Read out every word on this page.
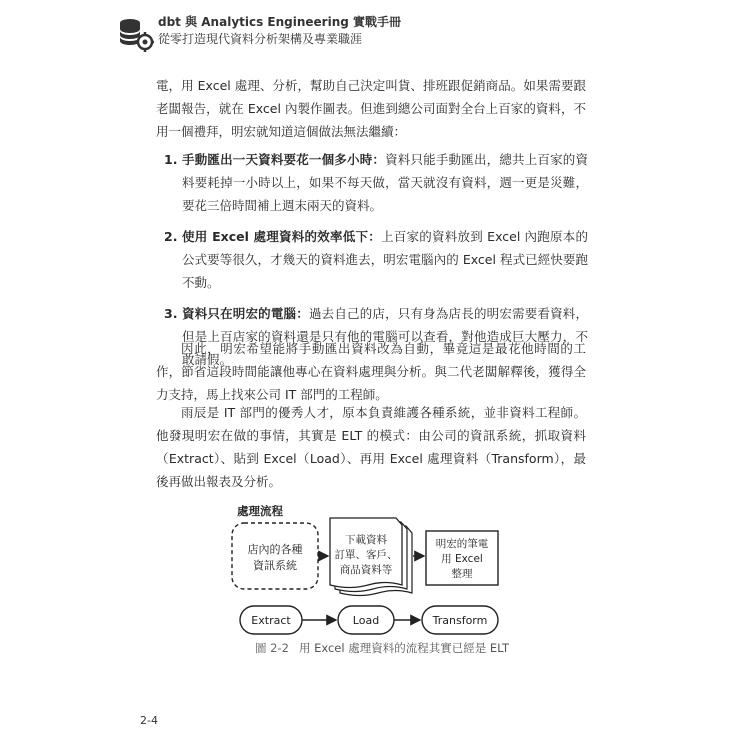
dbt 與 Analytics Engineering 實戰手冊
從零打造現代資料分析架構及專業職涯

電，用 Excel 處理、分析，幫助自己決定叫貨、排班跟促銷商品。如果需要跟老闆報告，就在 Excel 內製作圖表。但進到總公司面對全台上百家的資料，不用一個禮拜，明宏就知道這個做法無法繼續：

1. 手動匯出一天資料要花一個多小時：資料只能手動匯出，總共上百家的資料要耗掉一小時以上，如果不每天做，當天就沒有資料，週一更是災難，要花三倍時間補上週末兩天的資料。
2. 使用 Excel 處理資料的效率低下：上百家的資料放到 Excel 內跑原本的公式要等很久，才幾天的資料進去，明宏電腦內的 Excel 程式已經快要跑不動。
3. 資料只在明宏的電腦：過去自己的店，只有身為店長的明宏需要看資料，但是上百店家的資料還是只有他的電腦可以查看，對他造成巨大壓力，不敢請假。

因此，明宏希望能將手動匯出資料改為自動，畢竟這是最花他時間的工作，節省這段時間能讓他專心在資料處理與分析。與二代老闆解釋後，獲得全力支持，馬上找來公司 IT 部門的工程師。

雨辰是 IT 部門的優秀人才，原本負責維護各種系統，並非資料工程師。他發現明宏在做的事情，其實是 ELT 的模式：由公司的資訊系統，抓取資料（Extract）、貼到 Excel（Load）、再用 Excel 處理資料（Transform），最後再做出報表及分析。

處理流程
店內的各種
資訊系統
下載資料
訂單、客戶、
商品資料等
明宏的筆電
用 Excel
整理
Extract	Load	Transform
圖 2-2 用 Excel 處理資料的流程其實已經是 ELT
2-4
